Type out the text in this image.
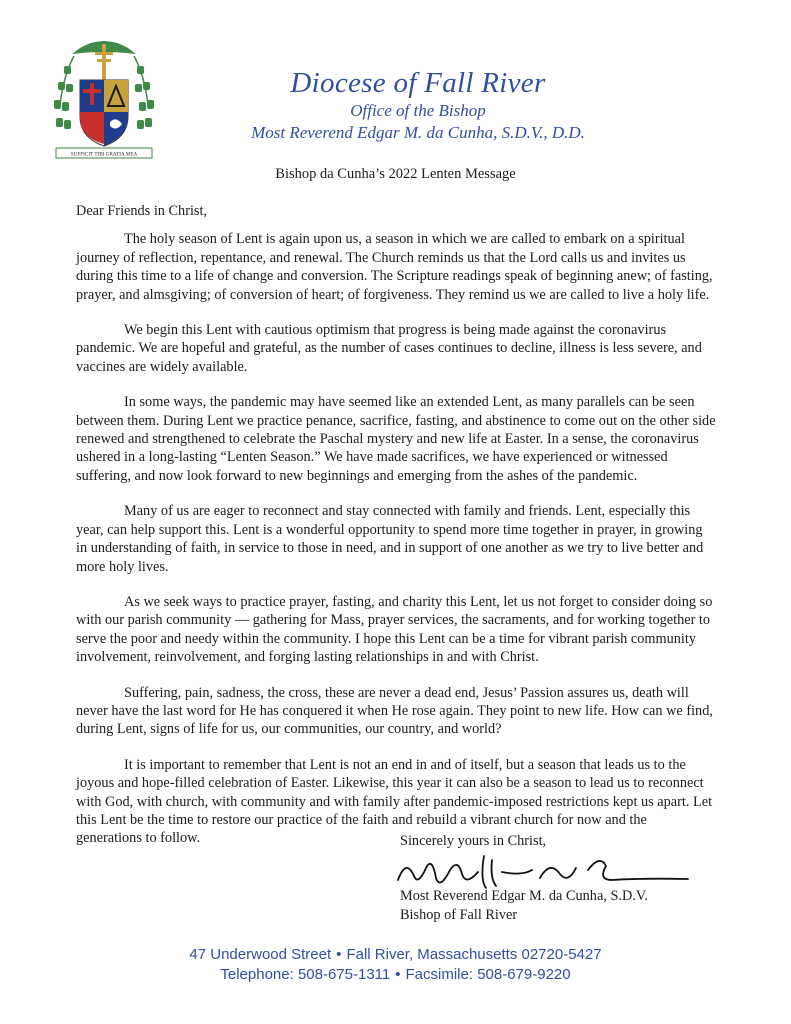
SUFFICIT TIBI GRATIA MEA
Diocese of Fall River
Office of the Bishop
Most Reverend Edgar M. da Cunha, S.D.V., D.D.
Bishop da Cunha’s 2022 Lenten Message

Dear Friends in Christ,

The holy season of Lent is again upon us, a season in which we are called to embark on a spiritual journey of reflection, repentance, and renewal. The Church reminds us that the Lord calls us and invites us during this time to a life of change and conversion. The Scripture readings speak of beginning anew; of fasting, prayer, and almsgiving; of conversion of heart; of forgiveness. They remind us we are called to live a holy life.

We begin this Lent with cautious optimism that progress is being made against the coronavirus pandemic. We are hopeful and grateful, as the number of cases continues to decline, illness is less severe, and vaccines are widely available.

In some ways, the pandemic may have seemed like an extended Lent, as many parallels can be seen between them. During Lent we practice penance, sacrifice, fasting, and abstinence to come out on the other side renewed and strengthened to celebrate the Paschal mystery and new life at Easter. In a sense, the coronavirus ushered in a long-lasting “Lenten Season.” We have made sacrifices, we have experienced or witnessed suffering, and now look forward to new beginnings and emerging from the ashes of the pandemic.

Many of us are eager to reconnect and stay connected with family and friends. Lent, especially this year, can help support this. Lent is a wonderful opportunity to spend more time together in prayer, in growing in understanding of faith, in service to those in need, and in support of one another as we try to live better and more holy lives.

As we seek ways to practice prayer, fasting, and charity this Lent, let us not forget to consider doing so with our parish community — gathering for Mass, prayer services, the sacraments, and for working together to serve the poor and needy within the community. I hope this Lent can be a time for vibrant parish community involvement, reinvolvement, and forging lasting relationships in and with Christ.

Suffering, pain, sadness, the cross, these are never a dead end, Jesus’ Passion assures us, death will never have the last word for He has conquered it when He rose again. They point to new life. How can we find, during Lent, signs of life for us, our communities, our country, and world?

It is important to remember that Lent is not an end in and of itself, but a season that leads us to the joyous and hope-filled celebration of Easter. Likewise, this year it can also be a season to lead us to reconnect with God, with church, with community and with family after pandemic-imposed restrictions kept us apart. Let this Lent be the time to restore our practice of the faith and rebuild a vibrant church for now and the generations to follow.	Sincerely yours in Christ,
Most Reverend Edgar M. da Cunha, S.D.V.
Bishop of Fall River
47 Underwood Street • Fall River, Massachusetts 02720-5427
Telephone: 508-675-1311 • Facsimile: 508-679-9220
